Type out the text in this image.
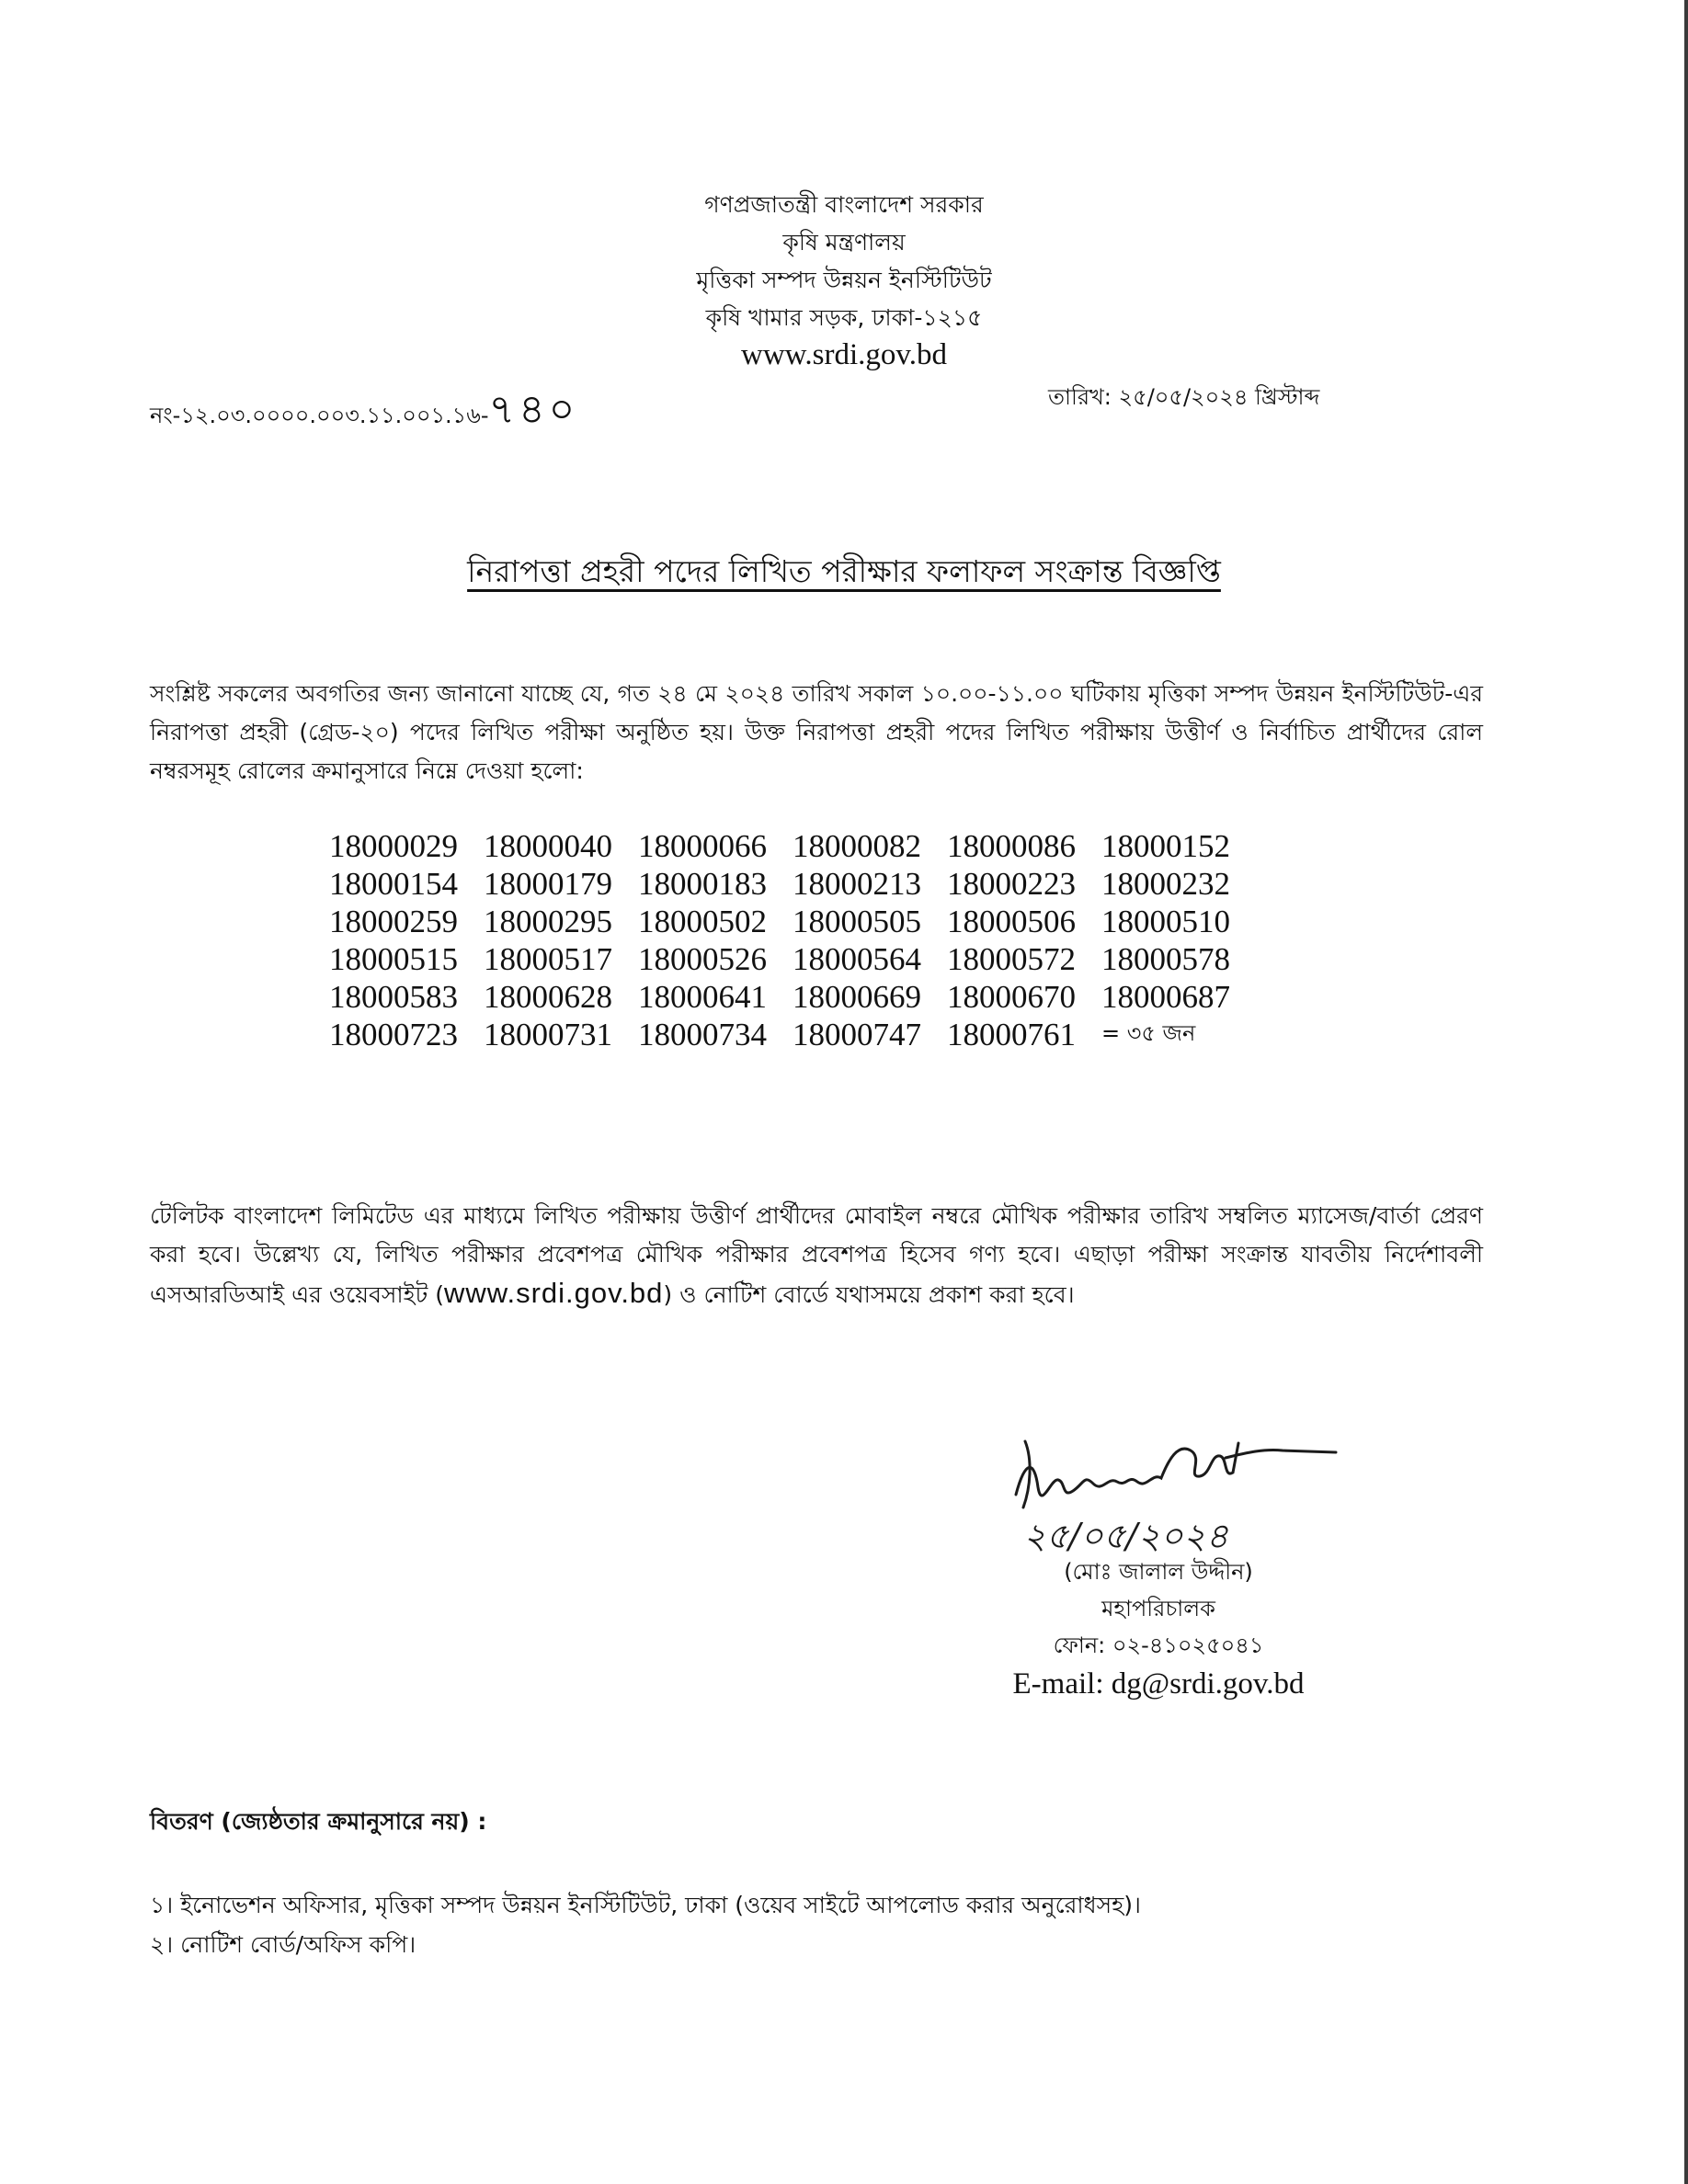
গণপ্রজাতন্ত্রী বাংলাদেশ সরকার
কৃষি মন্ত্রণালয়
মৃত্তিকা সম্পদ উন্নয়ন ইনস্টিটিউট
কৃষি খামার সড়ক, ঢাকা-১২১৫
www.srdi.gov.bd
নং-১২.০৩.০০০০.০০৩.১১.০০১.১৬-৭৪০	তারিখ: ২৫/০৫/২০২৪ খ্রিস্টাব্দ
নিরাপত্তা প্রহরী পদের লিখিত পরীক্ষার ফলাফল সংক্রান্ত বিজ্ঞপ্তি
সংশ্লিষ্ট সকলের অবগতির জন্য জানানো যাচ্ছে যে, গত ২৪ মে ২০২৪ তারিখ সকাল ১০.০০-১১.০০ ঘটিকায় মৃত্তিকা সম্পদ উন্নয়ন ইনস্টিটিউট-এর নিরাপত্তা প্রহরী (গ্রেড-২০) পদের লিখিত পরীক্ষা অনুষ্ঠিত হয়। উক্ত নিরাপত্তা প্রহরী পদের লিখিত পরীক্ষায় উত্তীর্ণ ও নির্বাচিত প্রার্থীদের রোল নম্বরসমূহ রোলের ক্রমানুসারে নিম্নে দেওয়া হলো:
18000029	18000040	18000066	18000082	18000086	18000152
18000154	18000179	18000183	18000213	18000223	18000232
18000259	18000295	18000502	18000505	18000506	18000510
18000515	18000517	18000526	18000564	18000572	18000578
18000583	18000628	18000641	18000669	18000670	18000687
18000723	18000731	18000734	18000747	18000761	= ৩৫ জন
টেলিটক বাংলাদেশ লিমিটেড এর মাধ্যমে লিখিত পরীক্ষায় উত্তীর্ণ প্রার্থীদের মোবাইল নম্বরে মৌখিক পরীক্ষার তারিখ সম্বলিত ম্যাসেজ/বার্তা প্রেরণ করা হবে। উল্লেখ্য যে, লিখিত পরীক্ষার প্রবেশপত্র মৌখিক পরীক্ষার প্রবেশপত্র হিসেব গণ্য হবে। এছাড়া পরীক্ষা সংক্রান্ত যাবতীয় নির্দেশাবলী এসআরডিআই এর ওয়েবসাইট (www.srdi.gov.bd) ও নোটিশ বোর্ডে যথাসময়ে প্রকাশ করা হবে।
২৫/০৫/২০২৪
(মোঃ জালাল উদ্দীন)
মহাপরিচালক
ফোন: ০২-৪১০২৫০৪১
E-mail: dg@srdi.gov.bd
বিতরণ (জ্যেষ্ঠতার ক্রমানুসারে নয়) :
১। ইনোভেশন অফিসার, মৃত্তিকা সম্পদ উন্নয়ন ইনস্টিটিউট, ঢাকা (ওয়েব সাইটে আপলোড করার অনুরোধসহ)।
২। নোটিশ বোর্ড/অফিস কপি।
